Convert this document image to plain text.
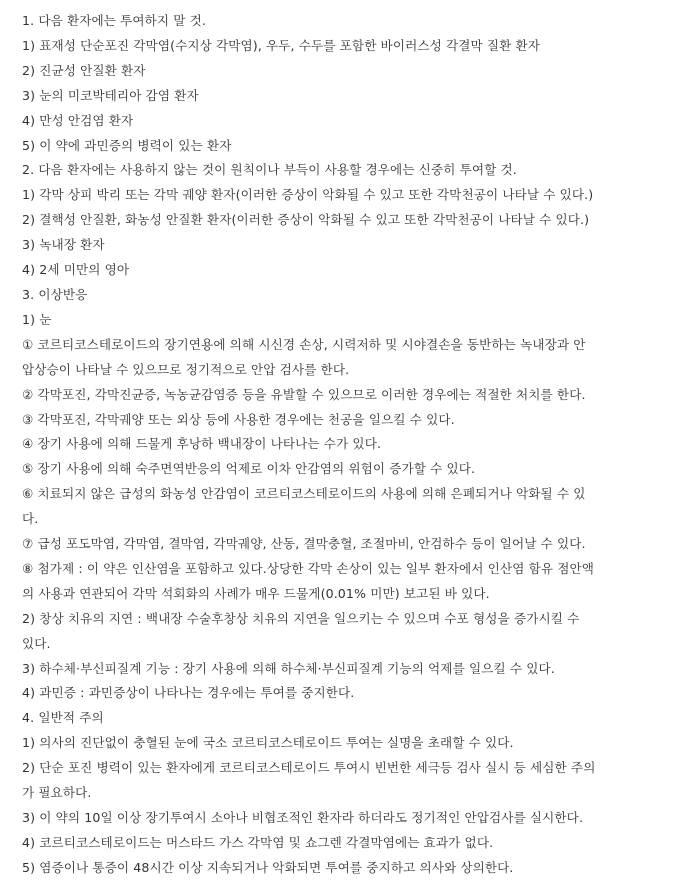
1. 다음 환자에는 투여하지 말 것.
1) 표재성 단순포진 각막염(수지상 각막염), 우두, 수두를 포함한 바이러스성 각결막 질환 환자
2) 진균성 안질환 환자
3) 눈의 미코박테리아 감염 환자
4) 만성 안검염 환자
5) 이 약에 과민증의 병력이 있는 환자
2. 다음 환자에는 사용하지 않는 것이 원칙이나 부득이 사용할 경우에는 신중히 투여할 것.
1) 각막 상피 박리 또는 각막 궤양 환자(이러한 증상이 악화될 수 있고 또한 각막천공이 나타날 수 있다.)
2) 결핵성 안질환, 화농성 안질환 환자(이러한 증상이 악화될 수 있고 또한 각막천공이 나타날 수 있다.)
3) 녹내장 환자
4) 2세 미만의 영아
3. 이상반응
1) 눈
① 코르티코스테로이드의 장기연용에 의해 시신경 손상, 시력저하 및 시야결손을 동반하는 녹내장과 안
압상승이 나타날 수 있으므로 정기적으로 안압 검사를 한다.
② 각막포진, 각막진균증, 녹농균감염증 등을 유발할 수 있으므로 이러한 경우에는 적절한 처치를 한다.
③ 각막포진, 각막궤양 또는 외상 등에 사용한 경우에는 천공을 일으킬 수 있다.
④ 장기 사용에 의해 드물게 후낭하 백내장이 나타나는 수가 있다.
⑤ 장기 사용에 의해 숙주면역반응의 억제로 이차 안감염의 위험이 증가할 수 있다.
⑥ 치료되지 않은 급성의 화농성 안감염이 코르티코스테로이드의 사용에 의해 은폐되거나 악화될 수 있
다.
⑦ 급성 포도막염, 각막염, 결막염, 각막궤양, 산동, 결막충혈, 조절마비, 안검하수 등이 일어날 수 있다.
⑧ 첨가제 : 이 약은 인산염을 포함하고 있다.상당한 각막 손상이 있는 일부 환자에서 인산염 함유 점안액
의 사용과 연관되어 각막 석회화의 사례가 매우 드물게(0.01% 미만) 보고된 바 있다.
2) 창상 치유의 지연 : 백내장 수술후창상 치유의 지연을 일으키는 수 있으며 수포 형성을 증가시킬 수
있다.
3) 하수체·부신피질계 기능 : 장기 사용에 의해 하수체·부신피질계 기능의 억제를 일으킬 수 있다.
4) 과민증 : 과민증상이 나타나는 경우에는 투여를 중지한다.
4. 일반적 주의
1) 의사의 진단없이 충혈된 눈에 국소 코르티코스테로이드 투여는 실명을 초래할 수 있다.
2) 단순 포진 병력이 있는 환자에게 코르티코스테로이드 투여시 빈번한 세극등 검사 실시 등 세심한 주의
가 필요하다.
3) 이 약의 10일 이상 장기투여시 소아나 비협조적인 환자라 하더라도 정기적인 안압검사를 실시한다.
4) 코르티코스테로이드는 머스타드 가스 각막염 및 쇼그렌 각결막염에는 효과가 없다.
5) 염증이나 통증이 48시간 이상 지속되거나 악화되면 투여를 중지하고 의사와 상의한다.
